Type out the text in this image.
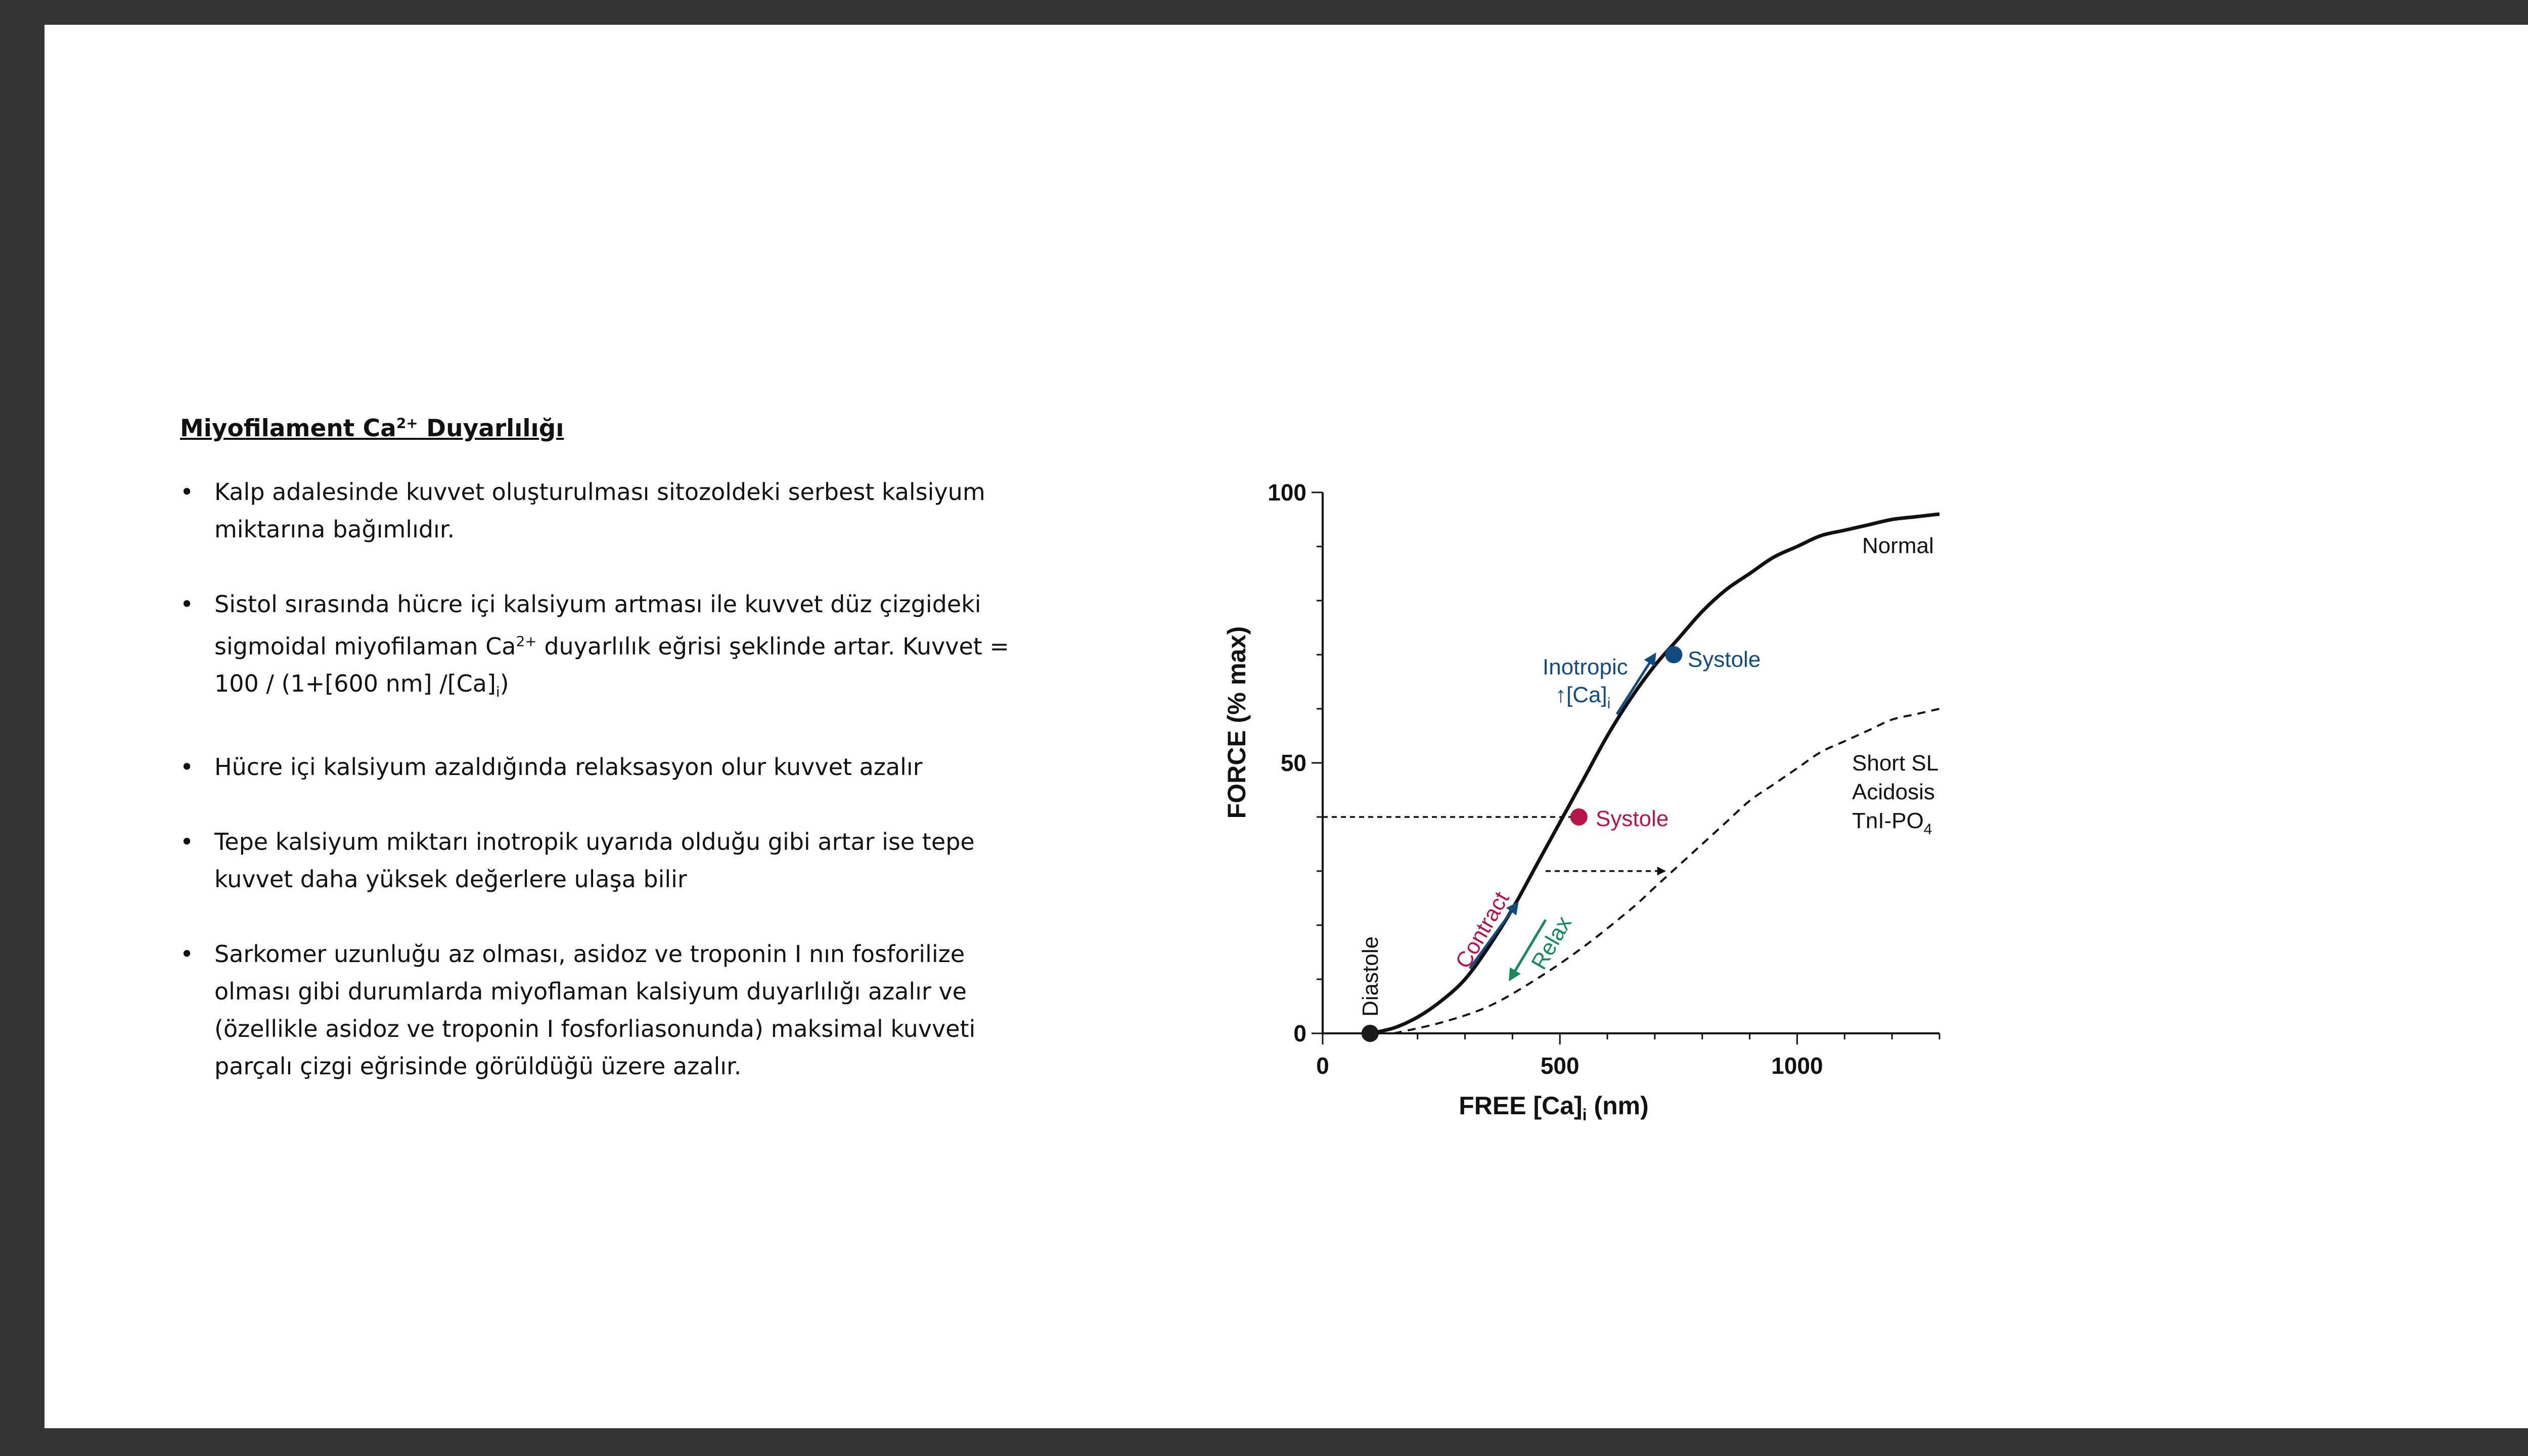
Miyofilament $Ca^{2+}$ Duyarlılığı

• Kalp adalesinde kuvvet oluşturulması sitozoldeki serbest kalsiyum miktarına bağımlıdır.
• Sistol sırasında hücre içi kalsiyum artması ile kuvvet düz çizgideki sigmoidal miyofilaman $Ca^{2+}$ duyarlılık eğrisi şeklinde artar. Kuvvet = 100 / (1+[600 nm] $/[Ca]_i$)
• Hücre içi kalsiyum azaldığında relaksasyon olur kuvvet azalır
• Tepe kalsiyum miktarı inotropik uyarıda olduğu gibi artar ise tepe kuvvet daha yüksek değerlere ulaşa bilir
• Sarkomer uzunluğu az olması, asidoz ve troponin I nın fosforilize olması gibi durumlarda miyoflaman kalsiyum duyarlılığı azalır ve (özellikle asidoz ve troponin I fosforliasonunda) maksimal kuvveti parçalı çizgi eğrisinde görüldüğü üzere azalır.
0
50
100
0	500	1000
FORCE (% max)
FREE $[Ca]_i$ (nm)
Normal
Short SL
Acidosis
TnI-$PO_4$
Diastole
Systole
Systole
Inotropic
$↑[Ca]_i$
Contract Relax
